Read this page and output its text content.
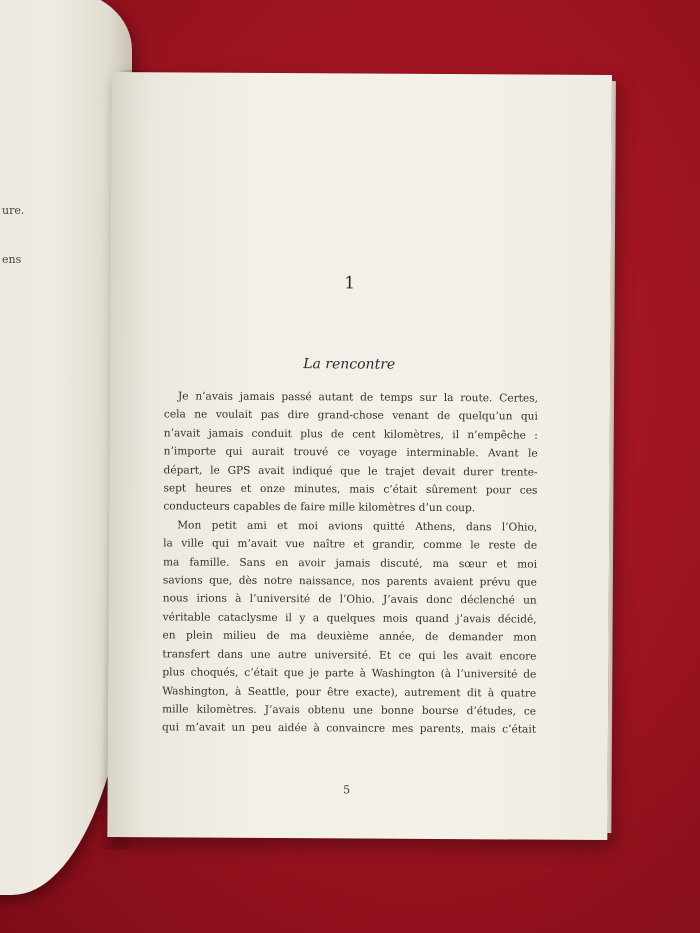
ure.
ens
1
La rencontre
Je n’avais jamais passé autant de temps sur la route. Certes,
cela ne voulait pas dire grand-chose venant de quelqu’un qui
n’avait jamais conduit plus de cent kilomètres, il n’empêche :
n’importe qui aurait trouvé ce voyage interminable. Avant le
départ, le GPS avait indiqué que le trajet devait durer trente-
sept heures et onze minutes, mais c’était sûrement pour ces
conducteurs capables de faire mille kilomètres d’un coup.
Mon petit ami et moi avions quitté Athens, dans l’Ohio,
la ville qui m’avait vue naître et grandir, comme le reste de
ma famille. Sans en avoir jamais discuté, ma sœur et moi
savions que, dès notre naissance, nos parents avaient prévu que
nous irions à l’université de l’Ohio. J’avais donc déclenché un
véritable cataclysme il y a quelques mois quand j’avais décidé,
en plein milieu de ma deuxième année, de demander mon
transfert dans une autre université. Et ce qui les avait encore
plus choqués, c’était que je parte à Washington (à l’université de
Washington, à Seattle, pour être exacte), autrement dit à quatre
mille kilomètres. J’avais obtenu une bonne bourse d’études, ce
qui m’avait un peu aidée à convaincre mes parents, mais c’était
5
